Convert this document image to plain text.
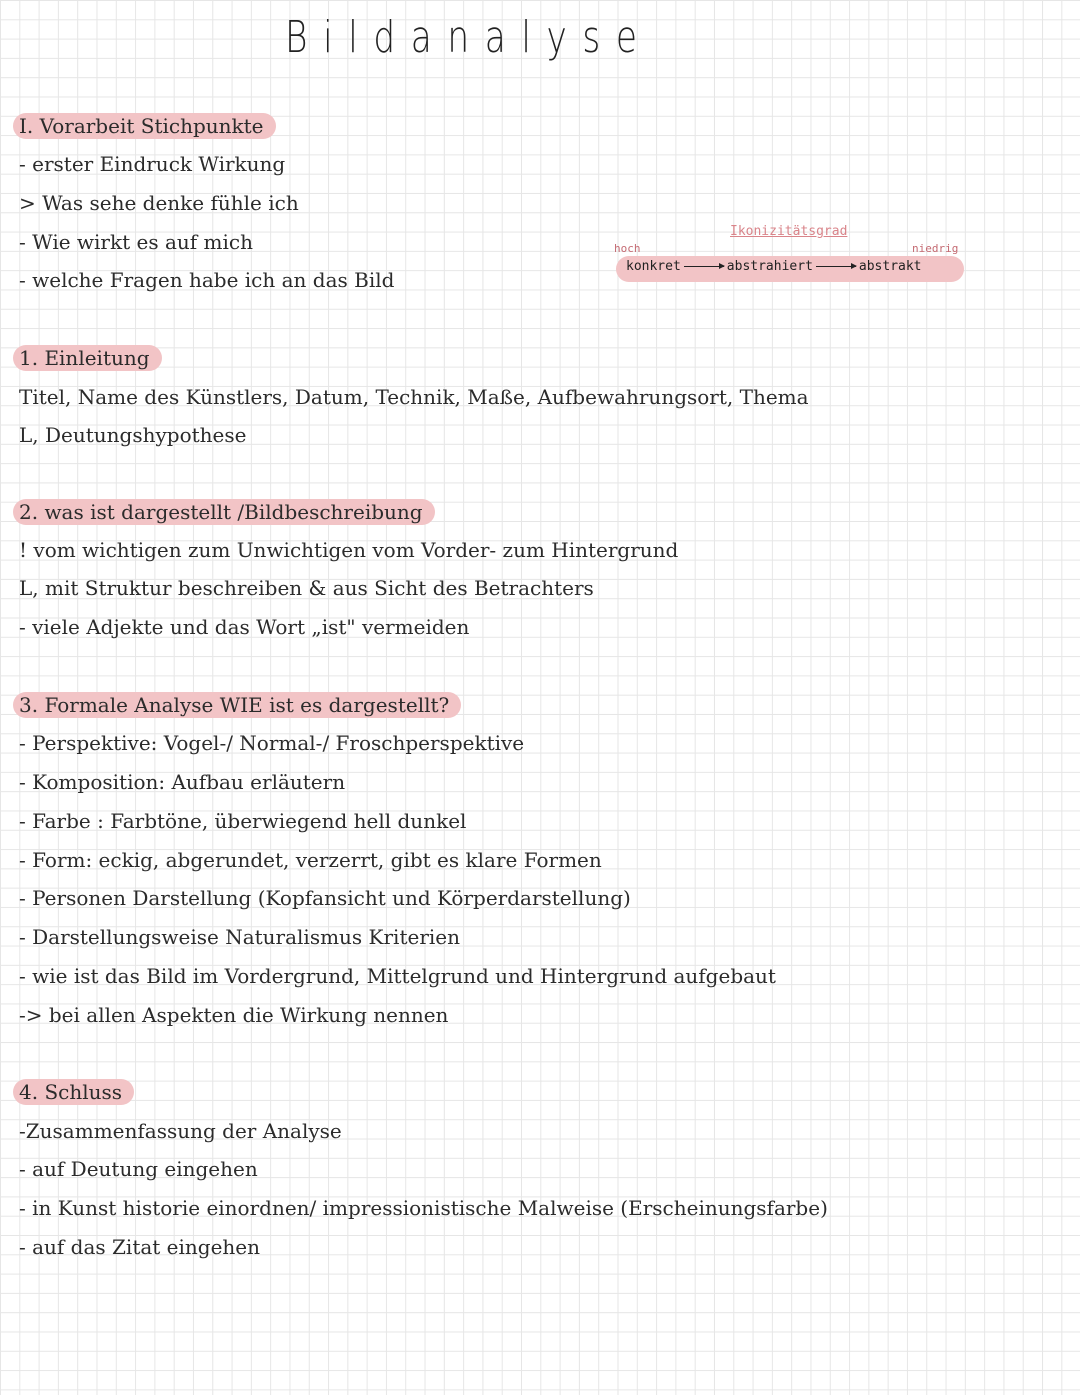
Bildanalyse
I. Vorarbeit Stichpunkte
- erster Eindruck Wirkung
> Was sehe denke fühle ich
- Wie wirkt es auf mich
- welche Fragen habe ich an das Bild
Ikonizitätsgrad
hoch	niedrig
konkret	abstrahiert	abstrakt
1. Einleitung
Titel, Name des Künstlers, Datum, Technik, Maße, Aufbewahrungsort, Thema
L, Deutungshypothese
2. was ist dargestellt /Bildbeschreibung
! vom wichtigen zum Unwichtigen vom Vorder- zum Hintergrund
L, mit Struktur beschreiben & aus Sicht des Betrachters
- viele Adjekte und das Wort „ist" vermeiden
3. Formale Analyse WIE ist es dargestellt?
- Perspektive: Vogel-/ Normal-/ Froschperspektive
- Komposition: Aufbau erläutern
- Farbe : Farbtöne, überwiegend hell dunkel
- Form: eckig, abgerundet, verzerrt, gibt es klare Formen
- Personen Darstellung (Kopfansicht und Körperdarstellung)
- Darstellungsweise Naturalismus Kriterien
- wie ist das Bild im Vordergrund, Mittelgrund und Hintergrund aufgebaut
-> bei allen Aspekten die Wirkung nennen
4. Schluss
-Zusammenfassung der Analyse
- auf Deutung eingehen
- in Kunst historie einordnen/ impressionistische Malweise (Erscheinungsfarbe)
- auf das Zitat eingehen
